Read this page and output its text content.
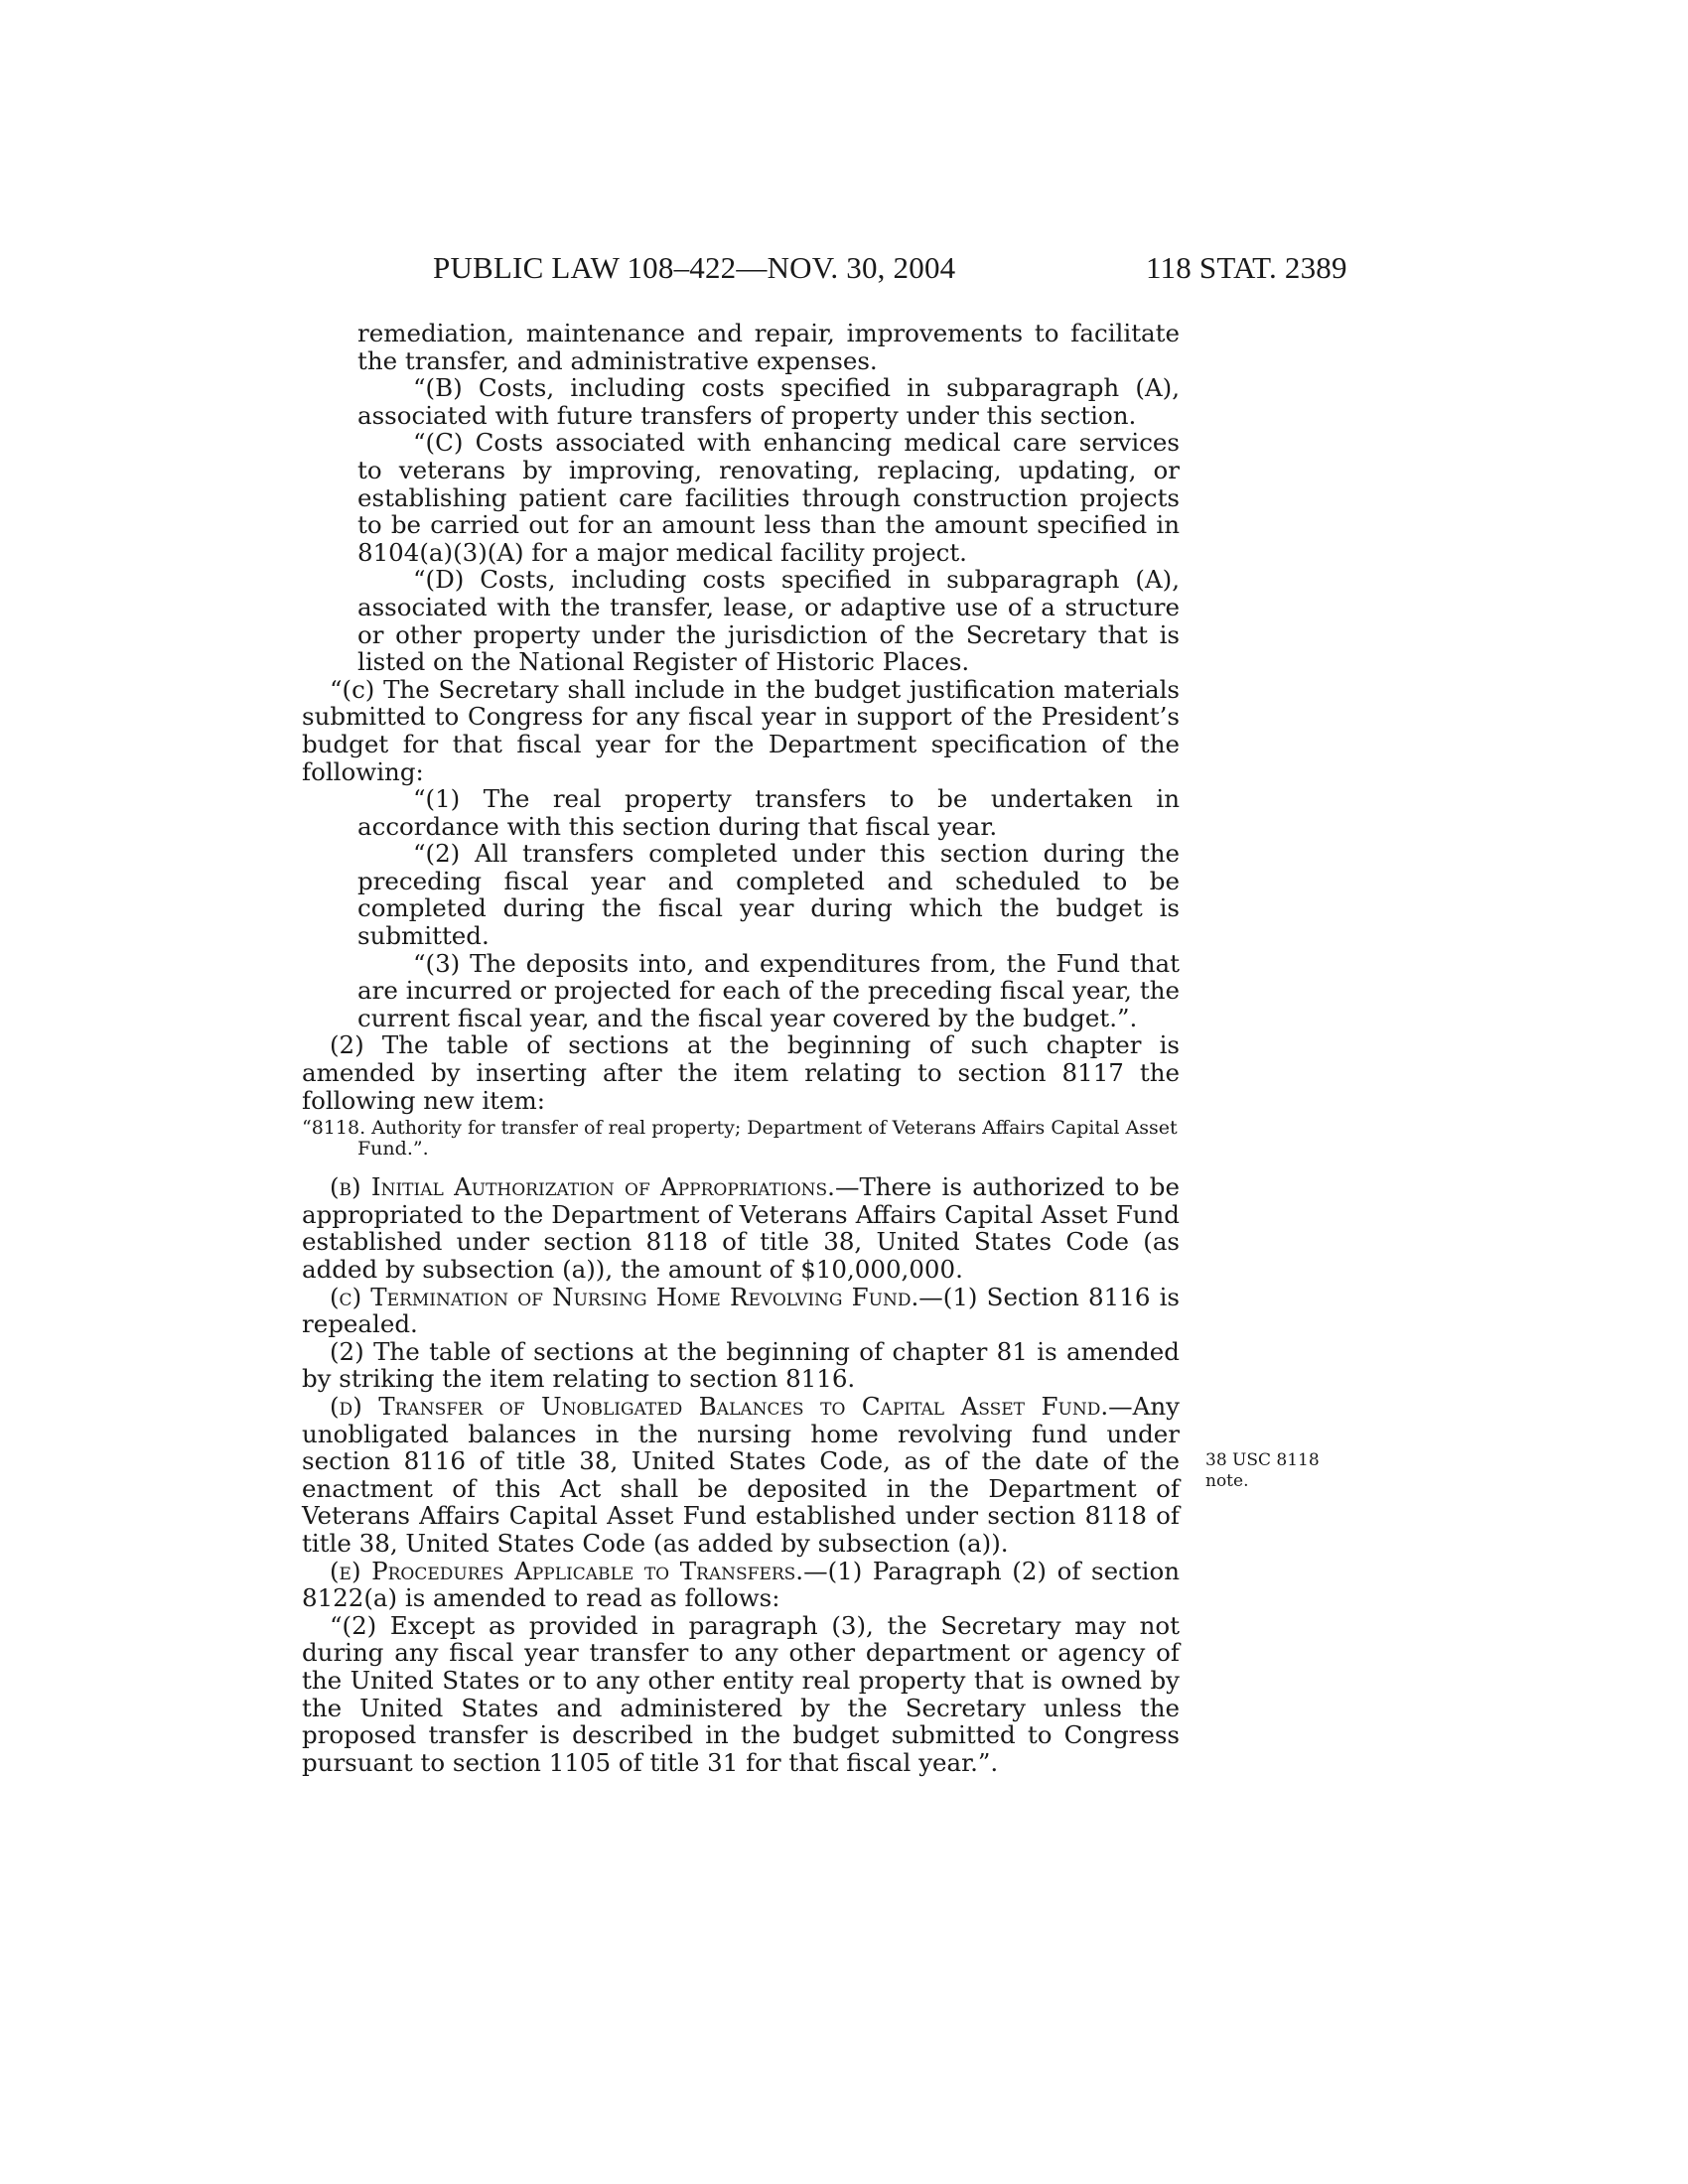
PUBLIC LAW 108–422—NOV. 30, 2004	118 STAT. 2389
38 USC 8118
note.

remediation, maintenance and repair, improvements to facilitate the transfer, and administrative expenses.

“(B) Costs, including costs specified in subparagraph (A), associated with future transfers of property under this section.

“(C) Costs associated with enhancing medical care services to veterans by improving, renovating, replacing, updating, or establishing patient care facilities through construction projects to be carried out for an amount less than the amount specified in 8104(a)(3)(A) for a major medical facility project.

“(D) Costs, including costs specified in subparagraph (A), associated with the transfer, lease, or adaptive use of a structure or other property under the jurisdiction of the Secretary that is listed on the National Register of Historic Places.

“(c) The Secretary shall include in the budget justification materials submitted to Congress for any fiscal year in support of the President’s budget for that fiscal year for the Department specification of the following:

“(1) The real property transfers to be undertaken in accordance with this section during that fiscal year.

“(2) All transfers completed under this section during the preceding fiscal year and completed and scheduled to be completed during the fiscal year during which the budget is submitted.

“(3) The deposits into, and expenditures from, the Fund that are incurred or projected for each of the preceding fiscal year, the current fiscal year, and the fiscal year covered by the budget.”.

(2) The table of sections at the beginning of such chapter is amended by inserting after the item relating to section 8117 the following new item:

“8118. Authority for transfer of real property; Department of Veterans Affairs Capital Asset Fund.”.

(b) Initial Authorization of Appropriations.—There is authorized to be appropriated to the Department of Veterans Affairs Capital Asset Fund established under section 8118 of title 38, United States Code (as added by subsection (a)), the amount of $10,000,000.

(c) Termination of Nursing Home Revolving Fund.—(1) Section 8116 is repealed.

(2) The table of sections at the beginning of chapter 81 is amended by striking the item relating to section 8116.

(d) Transfer of Unobligated Balances to Capital Asset Fund.—Any unobligated balances in the nursing home revolving fund under section 8116 of title 38, United States Code, as of the date of the enactment of this Act shall be deposited in the Department of Veterans Affairs Capital Asset Fund established under section 8118 of title 38, United States Code (as added by subsection (a)).

(e) Procedures Applicable to Transfers.—(1) Paragraph (2) of section 8122(a) is amended to read as follows:

“(2) Except as provided in paragraph (3), the Secretary may not during any fiscal year transfer to any other department or agency of the United States or to any other entity real property that is owned by the United States and administered by the Secretary unless the proposed transfer is described in the budget submitted to Congress pursuant to section 1105 of title 31 for that fiscal year.”.
